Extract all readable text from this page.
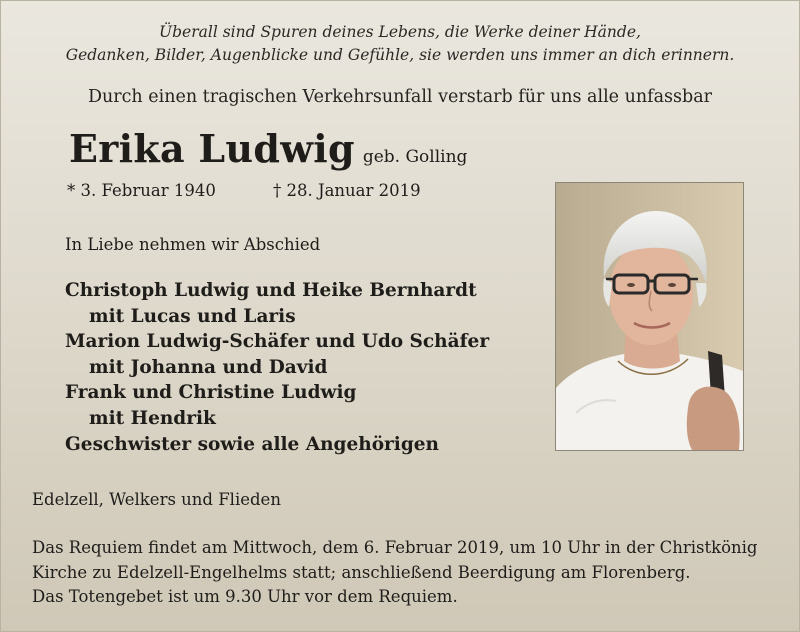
Überall sind Spuren deines Lebens, die Werke deiner Hände,
Gedanken, Bilder, Augenblicke und Gefühle, sie werden uns immer an dich erinnern.
Durch einen tragischen Verkehrsunfall verstarb für uns alle unfassbar
Erika Ludwig geb. Golling
* 3. Februar 1940	† 28. Januar 2019
In Liebe nehmen wir Abschied
Christoph Ludwig und Heike Bernhardt
mit Lucas und Laris
Marion Ludwig-Schäfer und Udo Schäfer
mit Johanna und David
Frank und Christine Ludwig
mit Hendrik
Geschwister sowie alle Angehörigen
Edelzell, Welkers und Flieden
Das Requiem findet am Mittwoch, dem 6. Februar 2019, um 10 Uhr in der Christkönig
Kirche zu Edelzell-Engelhelms statt; anschließend Beerdigung am Florenberg.
Das Totengebet ist um 9.30 Uhr vor dem Requiem.
